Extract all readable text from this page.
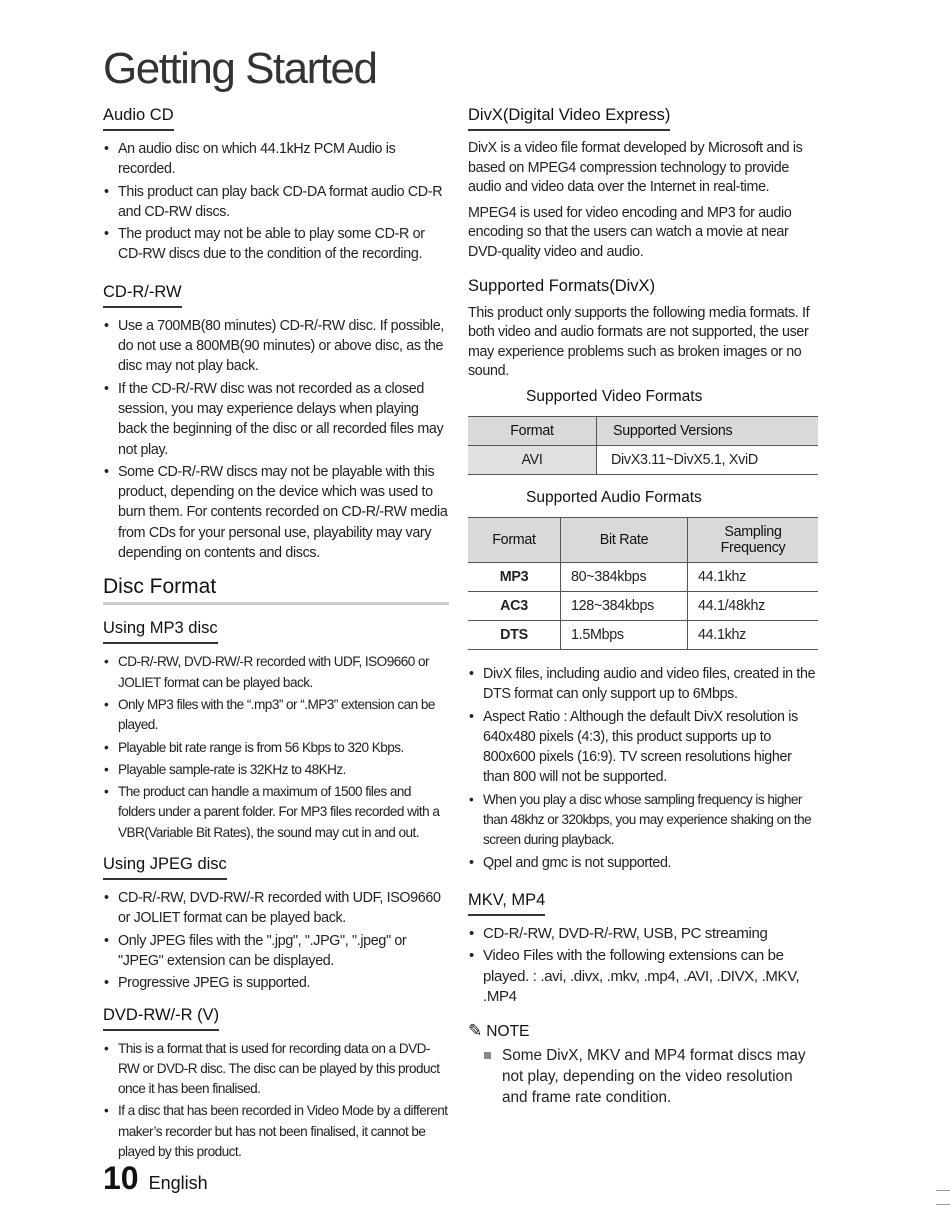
Getting Started
Audio CD
• An audio disc on which 44.1kHz PCM Audio is recorded.
• This product can play back CD-DA format audio CD-R and CD-RW discs.
• The product may not be able to play some CD-R or CD-RW discs due to the condition of the recording.
CD-R/-RW
• Use a 700MB(80 minutes) CD-R/-RW disc. If possible, do not use a 800MB(90 minutes) or above disc, as the disc may not play back.
• If the CD-R/-RW disc was not recorded as a closed session, you may experience delays when playing back the beginning of the disc or all recorded files may not play.
• Some CD-R/-RW discs may not be playable with this product, depending on the device which was used to burn them. For contents recorded on CD-R/-RW media from CDs for your personal use, playability may vary depending on contents and discs.
Disc Format
Using MP3 disc
• CD-R/-RW, DVD-RW/-R recorded with UDF, ISO9660 or JOLIET format can be played back.
• Only MP3 files with the “.mp3” or “.MP3” extension can be played.
• Playable bit rate range is from 56 Kbps to 320 Kbps.
• Playable sample-rate is 32KHz to 48KHz.
• The product can handle a maximum of 1500 files and folders under a parent folder. For MP3 files recorded with a VBR(Variable Bit Rates), the sound may cut in and out.
Using JPEG disc
• CD-R/-RW, DVD-RW/-R recorded with UDF, ISO9660 or JOLIET format can be played back.
• Only JPEG files with the ".jpg", ".JPG", ".jpeg" or "JPEG" extension can be displayed.
• Progressive JPEG is supported.
DVD-RW/-R (V)
• This is a format that is used for recording data on a DVD-RW or DVD-R disc. The disc can be played by this product once it has been finalised.
• If a disc that has been recorded in Video Mode by a different maker’s recorder but has not been finalised, it cannot be played by this product.
DivX(Digital Video Express)

DivX is a video file format developed by Microsoft and is based on MPEG4 compression technology to provide audio and video data over the Internet in real-time.

MPEG4 is used for video encoding and MP3 for audio encoding so that the users can watch a movie at near DVD-quality video and audio.

Supported Formats(DivX)

This product only supports the following media formats. If both video and audio formats are not supported, the user may experience problems such as broken images or no sound.

Supported Video Formats
Format	Supported Versions
AVI	DivX3.11~DivX5.1, XviD
Supported Audio Formats
Format	Bit Rate	Sampling Frequency
MP3	80~384kbps	44.1khz
AC3	128~384kbps	44.1/48khz
DTS	1.5Mbps	44.1khz
• DivX files, including audio and video files, created in the DTS format can only support up to 6Mbps.
• Aspect Ratio : Although the default DivX resolution is 640x480 pixels (4:3), this product supports up to 800x600 pixels (16:9). TV screen resolutions higher than 800 will not be supported.
• When you play a disc whose sampling frequency is higher than 48khz or 320kbps, you may experience shaking on the screen during playback.
• Qpel and gmc is not supported.
MKV, MP4
• CD-R/-RW, DVD-R/-RW, USB, PC streaming
• Video Files with the following extensions can be played. : .avi, .divx, .mkv, .mp4, .AVI, .DIVX, .MKV, .MP4
✎ NOTE
Some DivX, MKV and MP4 format discs may not play, depending on the video resolution and frame rate condition.
10 English
